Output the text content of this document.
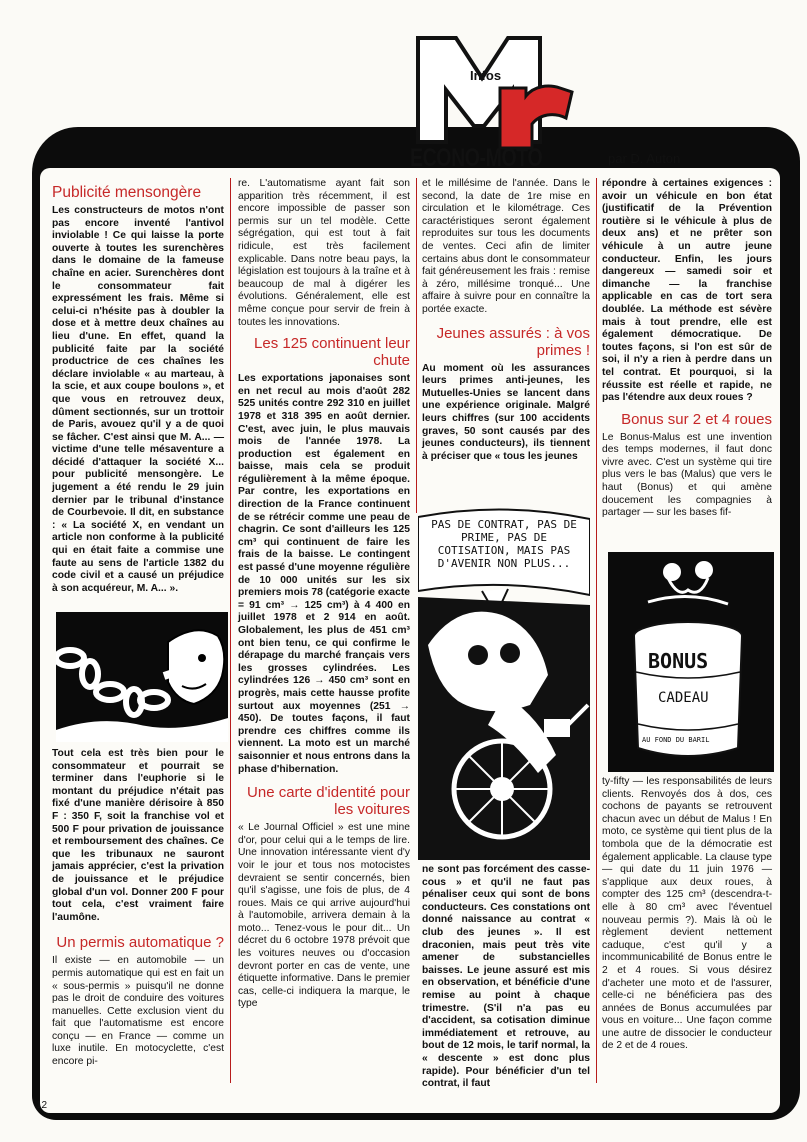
Infos
ECONO-MOTO	par D. Auton
Publicité mensongère

Les constructeurs de motos n'ont pas encore inventé l'antivol inviolable ! Ce qui laisse la porte ouverte à toutes les surenchères dans le domaine de la fameuse chaîne en acier. Surenchères dont le consommateur fait expressément les frais. Même si celui-ci n'hésite pas à doubler la dose et à mettre deux chaînes au lieu d'une. En effet, quand la publicité faite par la société productrice de ces chaînes les déclare inviolable « au marteau, à la scie, et aux coupe boulons », et que vous en retrouvez deux, dûment sectionnés, sur un trottoir de Paris, avouez qu'il y a de quoi se fâcher. C'est ainsi que M. A... — victime d'une telle mésaventure a décidé d'attaquer la société X... pour publicité mensongère. Le jugement a été rendu le 29 juin dernier par le tribunal d'instance de Courbevoie. Il dit, en substance : « La société X, en vendant un article non conforme à la publicité qui en était faite a commise une faute au sens de l'article 1382 du code civil et a causé un préjudice à son acquéreur, M. A... ».

Tout cela est très bien pour le consommateur et pourrait se terminer dans l'euphorie si le montant du préjudice n'était pas fixé d'une manière dérisoire à 850 F : 350 F, soit la franchise vol et 500 F pour privation de jouissance et remboursement des chaînes. Ce que les tribunaux ne sauront jamais apprécier, c'est la privation de jouissance et le préjudice global d'un vol. Donner 200 F pour tout cela, c'est vraiment faire l'aumône.

Un permis automatique ?

Il existe — en automobile — un permis automatique qui est en fait un « sous-permis » puisqu'il ne donne pas le droit de conduire des voitures manuelles. Cette exclusion vient du fait que l'automatisme est encore conçu — en France — comme un luxe inutile. En motocyclette, c'est encore pi-

re. L'automatisme ayant fait son apparition très récemment, il est encore impossible de passer son permis sur un tel modèle. Cette ségrégation, qui est tout à fait ridicule, est très facilement explicable. Dans notre beau pays, la législation est toujours à la traîne et à beaucoup de mal à digérer les évolutions. Généralement, elle est même conçue pour servir de frein à toutes les innovations.

Les 125 continuent leur chute

Les exportations japonaises sont en net recul au mois d'août 282 525 unités contre 292 310 en juillet 1978 et 318 395 en août dernier. C'est, avec juin, le plus mauvais mois de l'année 1978. La production est également en baisse, mais cela se produit régulièrement à la même époque. Par contre, les exportations en direction de la France continuent de se rétrécir comme une peau de chagrin. Ce sont d'ailleurs les 125 cm³ qui continuent de faire les frais de la baisse. Le contingent est passé d'une moyenne régulière de 10 000 unités sur les six premiers mois 78 (catégorie exacte = 91 cm³ → 125 cm³) à 4 400 en juillet 1978 et 2 914 en août. Globalement, les plus de 451 cm³ ont bien tenu, ce qui confirme le dérapage du marché français vers les grosses cylindrées. Les cylindrées 126 → 450 cm³ sont en progrès, mais cette hausse profite surtout aux moyennes (251 → 450). De toutes façons, il faut prendre ces chiffres comme ils viennent. La moto est un marché saisonnier et nous entrons dans la phase d'hibernation.

Une carte d'identité pour les voitures

« Le Journal Officiel » est une mine d'or, pour celui qui a le temps de lire. Une innovation intéressante vient d'y voir le jour et tous nos motocistes devraient se sentir concernés, bien qu'il s'agisse, une fois de plus, de 4 roues. Mais ce qui arrive aujourd'hui à l'automobile, arrivera demain à la moto... Tenez-vous le pour dit... Un décret du 6 octobre 1978 prévoit que les voitures neuves ou d'occasion devront porter en cas de vente, une étiquette informative. Dans le premier cas, celle-ci indiquera la marque, le type

et le millésime de l'année. Dans le second, la date de 1re mise en circulation et le kilométrage. Ces caractéristiques seront également reproduites sur tous les documents de ventes. Ceci afin de limiter certains abus dont le consommateur fait généreusement les frais : remise à zéro, millésime tronqué... Une affaire à suivre pour en connaître la portée exacte.

Jeunes assurés : à vos primes !

Au moment où les assurances leurs primes anti-jeunes, les Mutuelles-Unies se lancent dans une expérience originale. Malgré leurs chiffres (sur 100 accidents graves, 50 sont causés par des jeunes conducteurs), ils tiennent à préciser que « tous les jeunes

PAS DE CONTRAT, PAS DE PRIME, PAS DE COTISATION, MAIS PAS D'AVENIR NON PLUS...

ne sont pas forcément des casse-cous » et qu'il ne faut pas pénaliser ceux qui sont de bons conducteurs. Ces constations ont donné naissance au contrat « club des jeunes ». Il est draconien, mais peut très vite amener de substancielles baisses. Le jeune assuré est mis en observation, et bénéficie d'une remise au point à chaque trimestre. (S'il n'a pas eu d'accident, sa cotisation diminue immédiatement et retrouve, au bout de 12 mois, le tarif normal, la « descente » est donc plus rapide). Pour bénéficier d'un tel contrat, il faut

répondre à certaines exigences : avoir un véhicule en bon état (justificatif de la Prévention routière si le véhicule à plus de deux ans) et ne prêter son véhicule à un autre jeune conducteur. Enfin, les jours dangereux — samedi soir et dimanche — la franchise applicable en cas de tort sera doublée. La méthode est sévère mais à tout prendre, elle est également démocratique. De toutes façons, si l'on est sûr de soi, il n'y a rien à perdre dans un tel contrat. Et pourquoi, si la réussite est réelle et rapide, ne pas l'étendre aux deux roues ?

Bonus sur 2 et 4 roues

Le Bonus-Malus est une invention des temps modernes, il faut donc vivre avec. C'est un système qui tire plus vers le bas (Malus) que vers le haut (Bonus) et qui amène doucement les compagnies à partager — sur les bases fif-

BONUS
CADEAU
AU FOND DU BARIL

ty-fifty — les responsabilités de leurs clients. Renvoyés dos à dos, ces cochons de payants se retrouvent chacun avec un début de Malus ! En moto, ce système qui tient plus de la tombola que de la démocratie est également applicable. La clause type — qui date du 11 juin 1976 — s'applique aux deux roues, à compter des 125 cm³ (descendra-t-elle à 80 cm³ avec l'éventuel nouveau permis ?). Mais là où le règlement devient nettement caduque, c'est qu'il y a incommunicabilité de Bonus entre le 2 et 4 roues. Si vous désirez d'acheter une moto et de l'assurer, celle-ci ne bénéficiera pas des années de Bonus accumulées par vous en voiture... Une façon comme une autre de dissocier le conducteur de 2 et de 4 roues.

12
